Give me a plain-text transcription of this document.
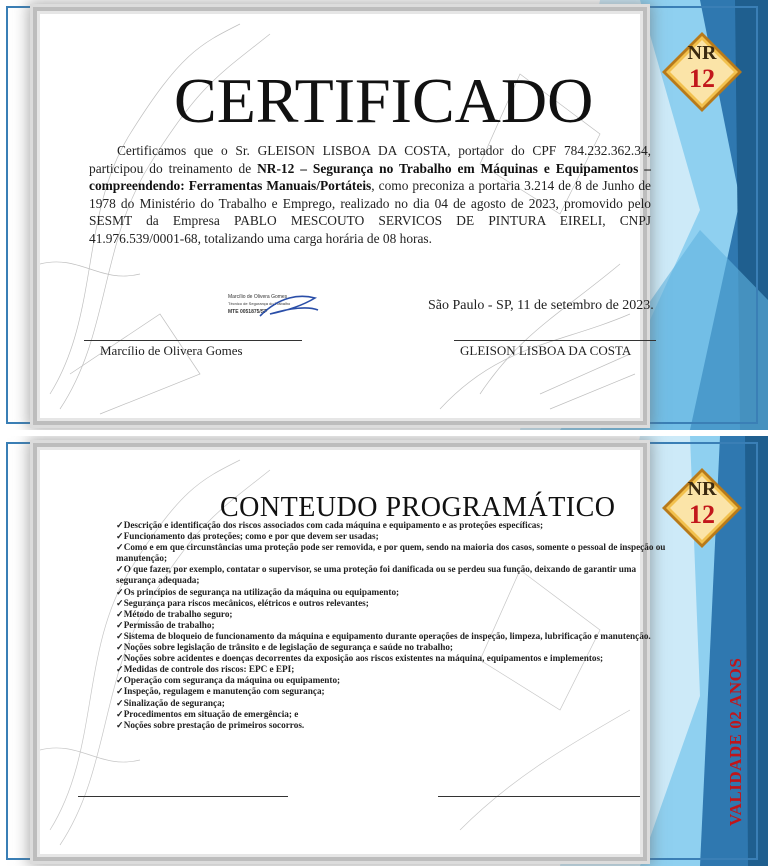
CERTIFICADO
Certificamos que o Sr. GLEISON LISBOA DA COSTA, portador do CPF 784.232.362.34, participou do treinamento de NR-12 – Segurança no Trabalho em Máquinas e Equipamentos – compreendendo: Ferramentas Manuais/Portáteis, como preconiza a portaria 3.214 de 8 de Junho de 1978 do Ministério do Trabalho e Emprego, realizado no dia 04 de agosto de 2023, promovido pelo SESMT da Empresa PABLO MESCOUTO SERVICOS DE PINTURA EIRELI, CNPJ 41.976.539/0001-68, totalizando uma carga horária de 08 horas.
São Paulo - SP, 11 de setembro de 2023.
Marcílio de Olivera Gomes
Técnico de Segurança do Trabalho
MTE 0051875/SP
Marcílio de Olivera Gomes	GLEISON LISBOA DA COSTA
NR
12
CONTEUDO PROGRAMÁTICO
✓Descrição e identificação dos riscos associados com cada máquina e equipamento e as proteções específicas;
✓Funcionamento das proteções; como e por que devem ser usadas;
✓Como e em que circunstâncias uma proteção pode ser removida, e por quem, sendo na maioria dos casos, somente o pessoal de inspeção ou manutenção;
✓O que fazer, por exemplo, contatar o supervisor, se uma proteção foi danificada ou se perdeu sua função, deixando de garantir uma segurança adequada;
✓Os princípios de segurança na utilização da máquina ou equipamento;
✓Segurança para riscos mecânicos, elétricos e outros relevantes;
✓Método de trabalho seguro;
✓Permissão de trabalho;
✓Sistema de bloqueio de funcionamento da máquina e equipamento durante operações de inspeção, limpeza, lubrificação e manutenção.
✓Noções sobre legislação de trânsito e de legislação de segurança e saúde no trabalho;
✓Noções sobre acidentes e doenças decorrentes da exposição aos riscos existentes na máquina, equipamentos e implementos;
✓Medidas de controle dos riscos: EPC e EPI;
✓Operação com segurança da máquina ou equipamento;
✓Inspeção, regulagem e manutenção com segurança;
✓Sinalização de segurança;
✓Procedimentos em situação de emergência; e
✓Noções sobre prestação de primeiros socorros.
NR
12
VALIDADE 02 ANOS
